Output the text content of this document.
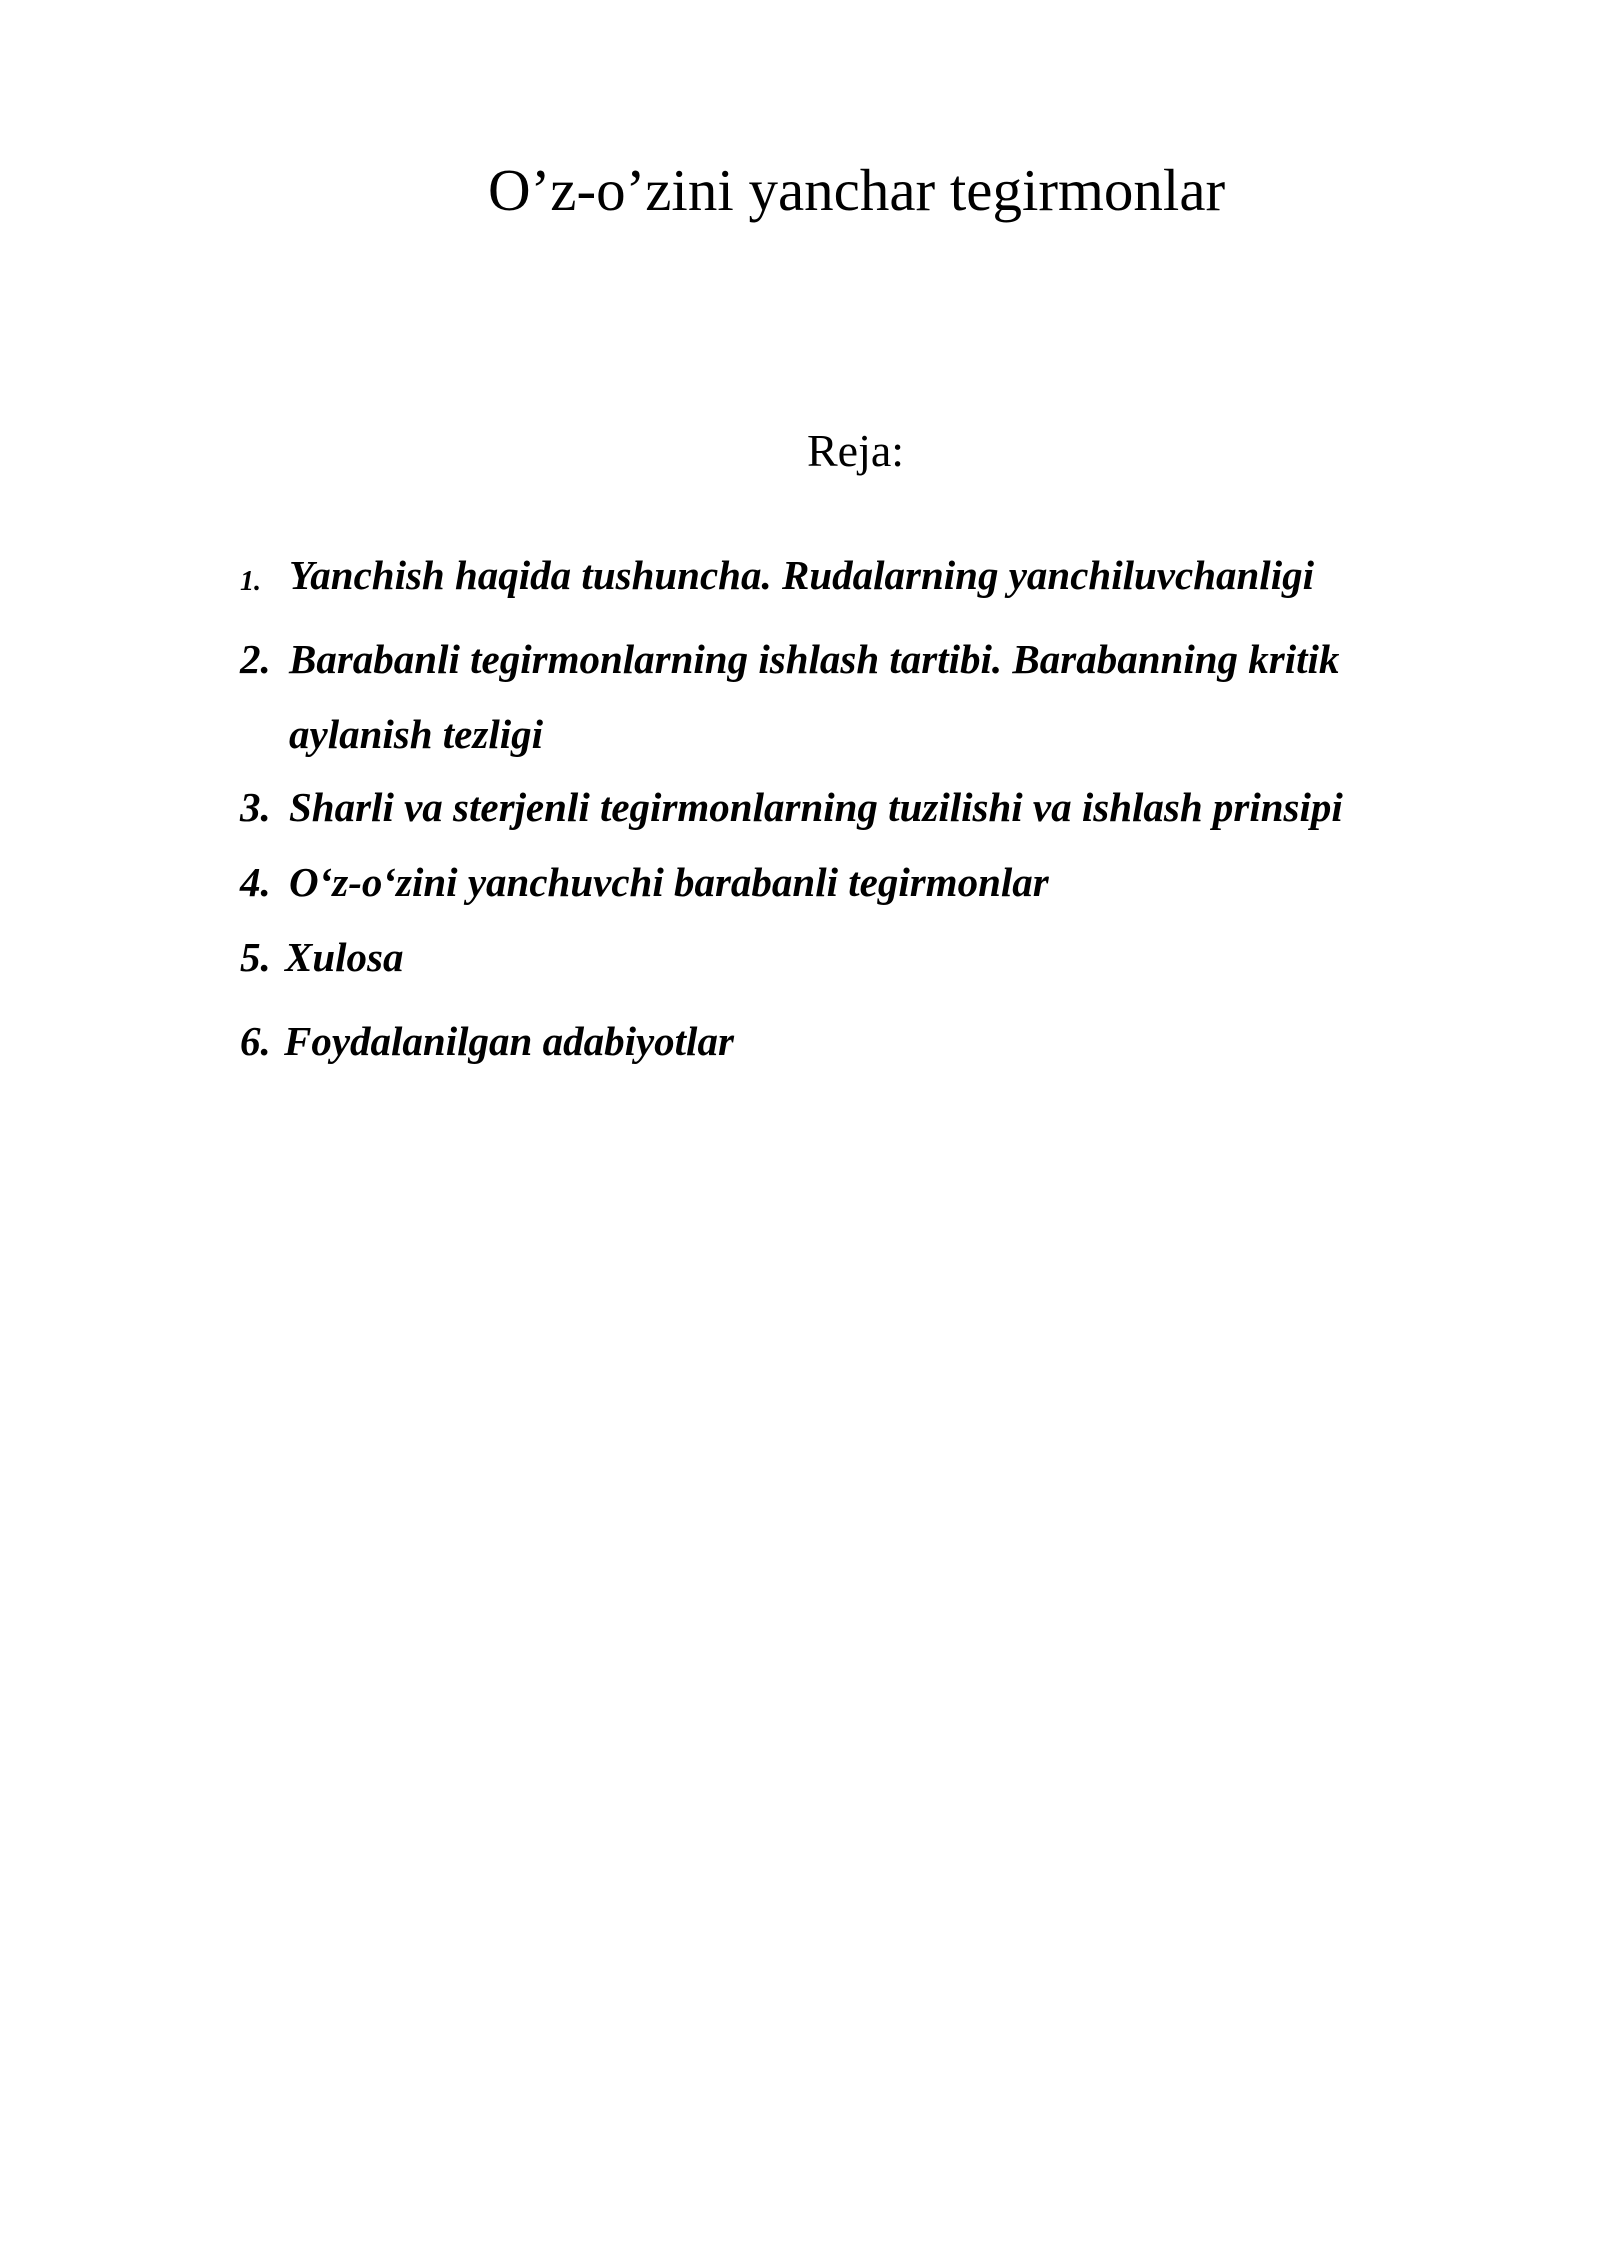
O’z-o’zini yanchar tegirmonlar
Reja:
1. Yanchish haqida tushuncha. Rudalarning yanchiluvchanligi
2. Barabanli tegirmonlarning ishlash tartibi. Barabanning kritik
aylanish tezligi
3. Sharli va sterjenli tegirmonlarning tuzilishi va ishlash prinsipi
4. O‘z-o‘zini yanchuvchi barabanli tegirmonlar
5. Xulosa
6. Foydalanilgan adabiyotlar
